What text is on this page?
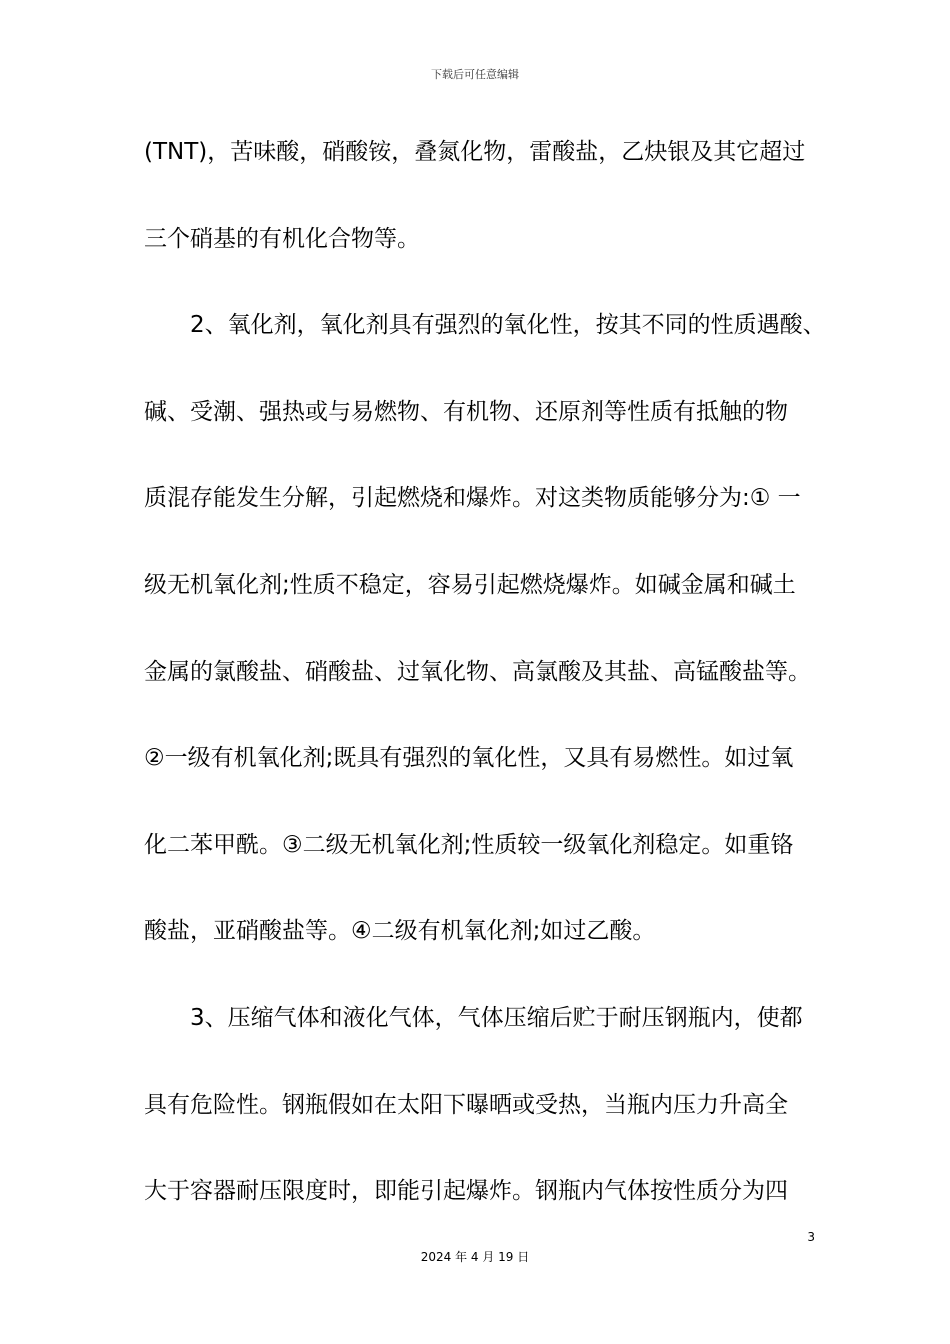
下载后可任意编辑
(TNT)，苦味酸，硝酸铵，叠氮化物，雷酸盐，乙炔银及其它超过
三个硝基的有机化合物等。
2、氧化剂，氧化剂具有强烈的氧化性，按其不同的性质遇酸、
碱、受潮、强热或与易燃物、有机物、还原剂等性质有抵触的物
质混存能发生分解，引起燃烧和爆炸。对这类物质能够分为:① 一
级无机氧化剂;性质不稳定，容易引起燃烧爆炸。如碱金属和碱土
金属的氯酸盐、硝酸盐、过氧化物、高氯酸及其盐、高锰酸盐等。
②一级有机氧化剂;既具有强烈的氧化性，又具有易燃性。如过氧
化二苯甲酰。③二级无机氧化剂;性质较一级氧化剂稳定。如重铬
酸盐，亚硝酸盐等。④二级有机氧化剂;如过乙酸。
3、压缩气体和液化气体，气体压缩后贮于耐压钢瓶内，使都
具有危险性。钢瓶假如在太阳下曝晒或受热，当瓶内压力升高全
大于容器耐压限度时，即能引起爆炸。钢瓶内气体按性质分为四
3
2024 年 4 月 19 日
